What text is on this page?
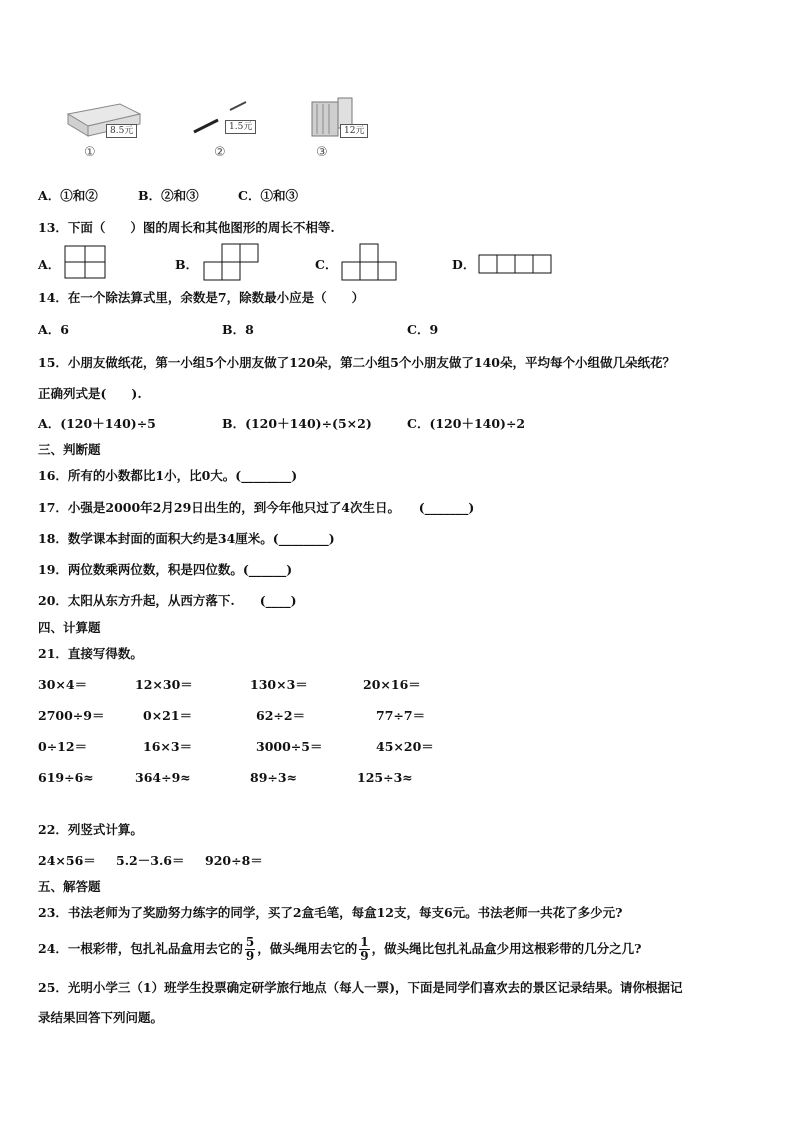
8.5元
①
1.5元
②
12元
③
A．①和②	B．②和③	C．①和③
13．下面（　　）图的周长和其他图形的周长不相等.
A．	B．	C．	D．
14．在一个除法算式里，余数是7，除数最小应是（　　）
A．6	B．8	C．9
15．小朋友做纸花，第一小组5个小朋友做了120朵，第二小组5个小朋友做了140朵，平均每个小组做几朵纸花？
正确列式是(　　).
A．(120＋140)÷5	B．(120＋140)÷(5×2)	C．(120＋140)÷2
三、判断题
16．所有的小数都比1小，比0大。(________)
17．小强是2000年2月29日出生的，到今年他只过了4次生日。　　(_______)
18．数学课本封面的面积大约是34厘米。(________)
19．两位数乘两位数，积是四位数。(______)
20．太阳从东方升起，从西方落下.　　(____)
四、计算题
21．直接写得数。
30×4＝	12×30＝	130×3＝	20×16＝
2700÷9＝	0×21＝	62÷2＝	77÷7＝
0÷12＝	16×3＝	3000÷5＝	45×20＝
619÷6≈	364÷9≈	89÷3≈	125÷3≈
22．列竖式计算。
24×56＝ 5.2－3.6＝ 920÷8＝
五、解答题
23．书法老师为了奖励努力练字的同学，买了2盒毛笔，每盒12支，每支6元。书法老师一共花了多少元?
24．一根彩带，包扎礼品盒用去它的 $\frac{5}{9}$ ，做头绳用去它的 $\frac{1}{9}$ ，做头绳比包扎礼品盒少用这根彩带的几分之几?
25．光明小学三（1）班学生投票确定研学旅行地点（每人一票)，下面是同学们喜欢去的景区记录结果。请你根据记
录结果回答下列问题。
